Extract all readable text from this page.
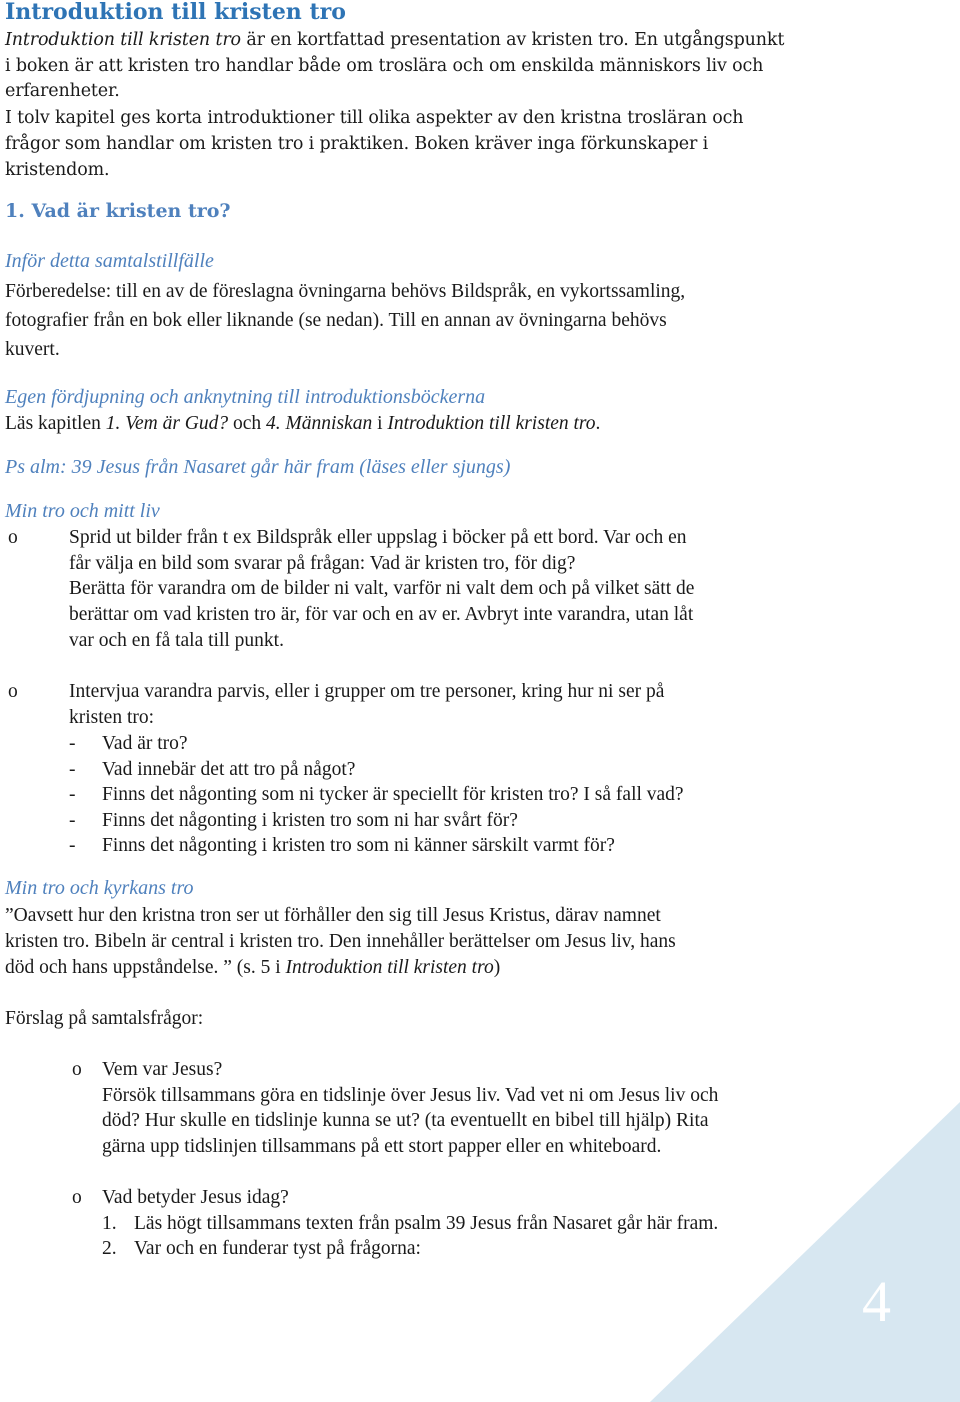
4
Introduktion till kristen tro
Introduktion till kristen tro är en kortfattad presentation av kristen tro. En utgångspunkt
i boken är att kristen tro handlar både om troslära och om enskilda människors liv och
erfarenheter.
I tolv kapitel ges korta introduktioner till olika aspekter av den kristna trosläran och
frågor som handlar om kristen tro i praktiken. Boken kräver inga förkunskaper i
kristendom.
1. Vad är kristen tro?
Inför detta samtalstillfälle
Förberedelse: till en av de föreslagna övningarna behövs Bildspråk, en vykortssamling,
fotografier från en bok eller liknande (se nedan). Till en annan av övningarna behövs
kuvert.
Egen fördjupning och anknytning till introduktionsböckerna
Läs kapitlen 1. Vem är Gud? och 4. Människan i Introduktion till kristen tro.
Ps alm: 39 Jesus från Nasaret går här fram (läses eller sjungs)
Min tro och mitt liv
o	Sprid ut bilder från t ex Bildspråk eller uppslag i böcker på ett bord. Var och en
får välja en bild som svarar på frågan: Vad är kristen tro, för dig?
Berätta för varandra om de bilder ni valt, varför ni valt dem och på vilket sätt de
berättar om vad kristen tro är, för var och en av er. Avbryt inte varandra, utan låt
var och en få tala till punkt.
o	Intervjua varandra parvis, eller i grupper om tre personer, kring hur ni ser på
kristen tro:
- Vad är tro?
- Vad innebär det att tro på något?
- Finns det någonting som ni tycker är speciellt för kristen tro? I så fall vad?
- Finns det någonting i kristen tro som ni har svårt för?
- Finns det någonting i kristen tro som ni känner särskilt varmt för?
Min tro och kyrkans tro
”Oavsett hur den kristna tron ser ut förhåller den sig till Jesus Kristus, därav namnet
kristen tro. Bibeln är central i kristen tro. Den innehåller berättelser om Jesus liv, hans
död och hans uppståndelse. ” (s. 5 i Introduktion till kristen tro)
Förslag på samtalsfrågor:
o Vem var Jesus?
Försök tillsammans göra en tidslinje över Jesus liv. Vad vet ni om Jesus liv och
död? Hur skulle en tidslinje kunna se ut? (ta eventuellt en bibel till hjälp) Rita
gärna upp tidslinjen tillsammans på ett stort papper eller en whiteboard.
o Vad betyder Jesus idag?
1. Läs högt tillsammans texten från psalm 39 Jesus från Nasaret går här fram.
2. Var och en funderar tyst på frågorna:
